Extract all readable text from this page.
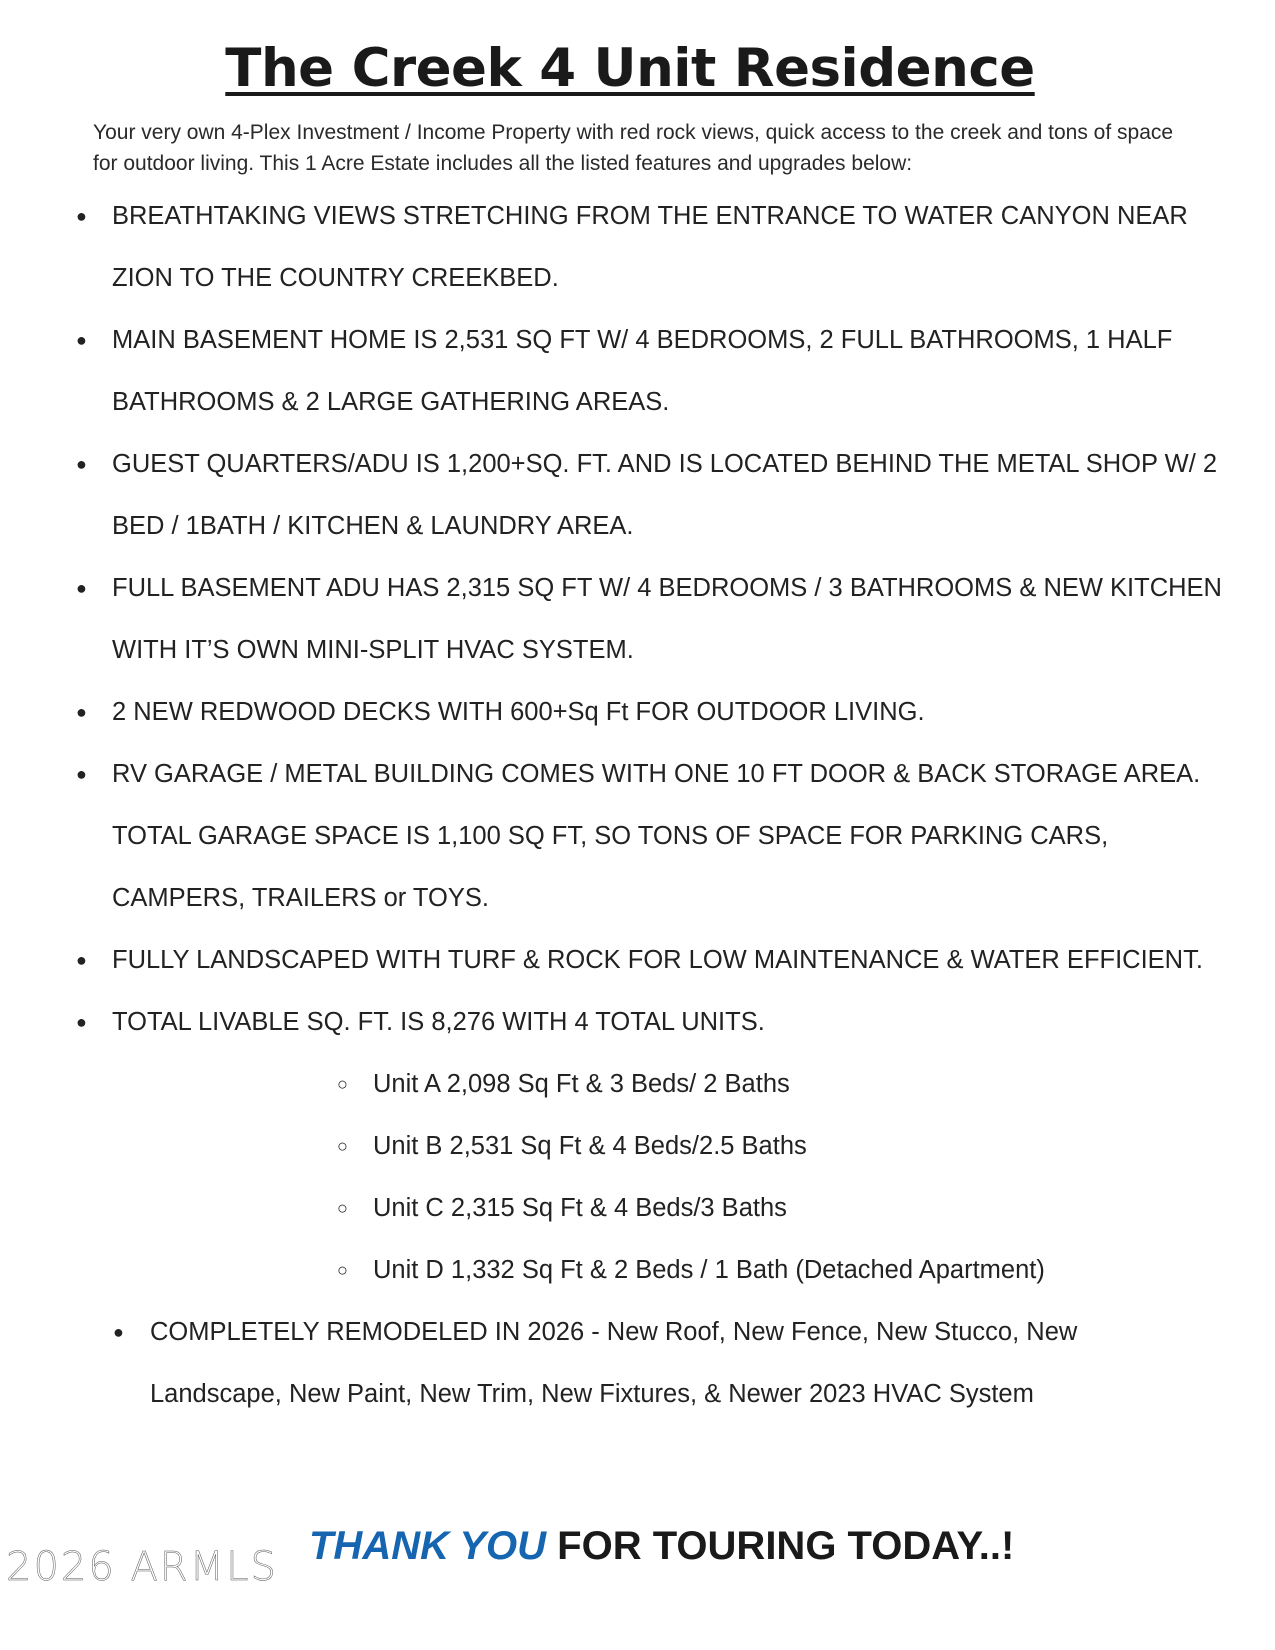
The Creek 4 Unit Residence
Your very own 4-Plex Investment / Income Property with red rock views, quick access to the creek and tons of space for outdoor living. This 1 Acre Estate includes all the listed features and upgrades below:
● BREATHTAKING VIEWS STRETCHING FROM THE ENTRANCE TO WATER CANYON NEAR ZION TO THE COUNTRY CREEKBED.
● MAIN BASEMENT HOME IS 2,531 SQ FT W/ 4 BEDROOMS, 2 FULL BATHROOMS, 1 HALF BATHROOMS & 2 LARGE GATHERING AREAS.
● GUEST QUARTERS/ADU IS 1,200+SQ. FT. AND IS LOCATED BEHIND THE METAL SHOP W/ 2 BED / 1BATH / KITCHEN & LAUNDRY AREA.
● FULL BASEMENT ADU HAS 2,315 SQ FT W/ 4 BEDROOMS / 3 BATHROOMS & NEW KITCHEN WITH IT’S OWN MINI-SPLIT HVAC SYSTEM.
● 2 NEW REDWOOD DECKS WITH 600+Sq Ft FOR OUTDOOR LIVING.
● RV GARAGE / METAL BUILDING COMES WITH ONE 10 FT DOOR & BACK STORAGE AREA. TOTAL GARAGE SPACE IS 1,100 SQ FT, SO TONS OF SPACE FOR PARKING CARS, CAMPERS, TRAILERS or TOYS.
● FULLY LANDSCAPED WITH TURF & ROCK FOR LOW MAINTENANCE & WATER EFFICIENT.
● TOTAL LIVABLE SQ. FT. IS 8,276 WITH 4 TOTAL UNITS.
○ Unit A 2,098 Sq Ft & 3 Beds/ 2 Baths
○ Unit B 2,531 Sq Ft & 4 Beds/2.5 Baths
○ Unit C 2,315 Sq Ft & 4 Beds/3 Baths
○ Unit D 1,332 Sq Ft & 2 Beds / 1 Bath (Detached Apartment)
● COMPLETELY REMODELED IN 2026 - New Roof, New Fence, New Stucco, New Landscape, New Paint, New Trim, New Fixtures, & Newer 2023 HVAC System
2026 ARMLS THANK YOU FOR TOURING TODAY..!
